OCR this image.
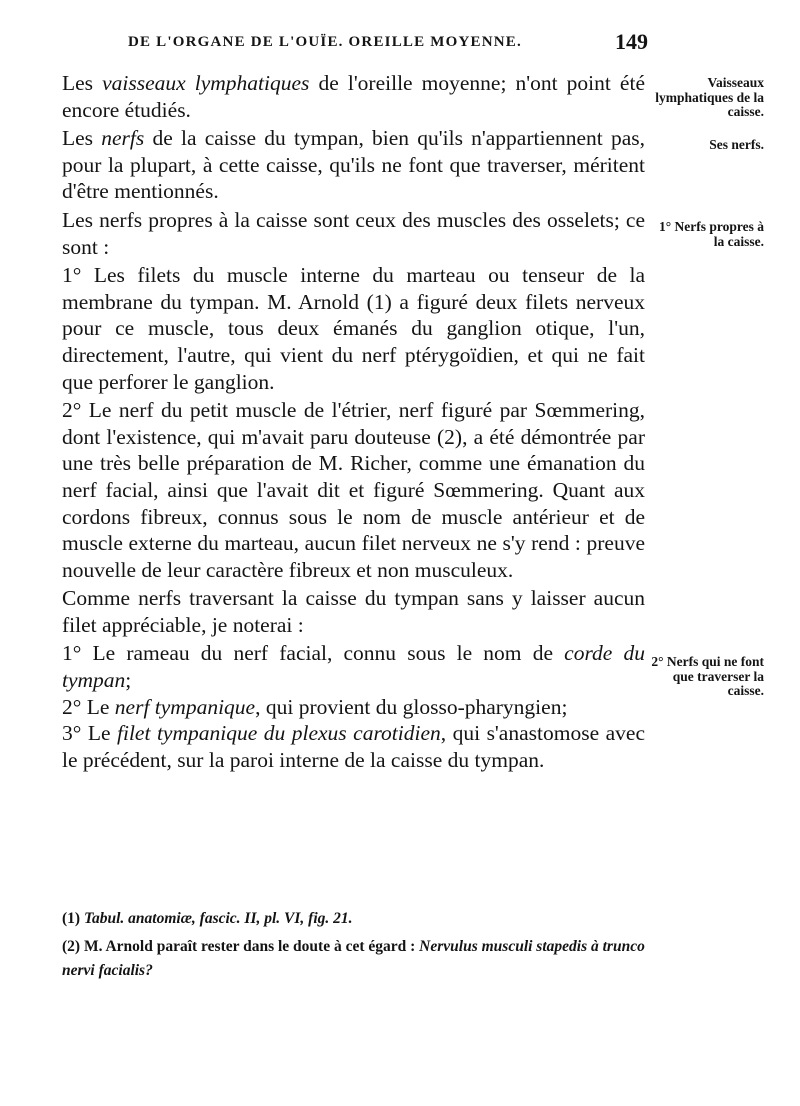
DE L'ORGANE DE L'OUÏE. OREILLE MOYENNE.	149

Les vaisseaux lymphatiques de l'oreille moyenne; n'ont point été encore étudiés.

Les nerfs de la caisse du tympan, bien qu'ils n'appartiennent pas, pour la plupart, à cette caisse, qu'ils ne font que traverser, méritent d'être mentionnés.

Les nerfs propres à la caisse sont ceux des muscles des osselets; ce sont :

1° Les filets du muscle interne du marteau ou tenseur de la membrane du tympan. M. Arnold (1) a figuré deux filets nerveux pour ce muscle, tous deux émanés du ganglion otique, l'un, directement, l'autre, qui vient du nerf ptérygoïdien, et qui ne fait que perforer le ganglion.

2° Le nerf du petit muscle de l'étrier, nerf figuré par Sœmmering, dont l'existence, qui m'avait paru douteuse (2), a été démontrée par une très belle préparation de M. Richer, comme une émanation du nerf facial, ainsi que l'avait dit et figuré Sœmmering. Quant aux cordons fibreux, connus sous le nom de muscle antérieur et de muscle externe du marteau, aucun filet nerveux ne s'y rend : preuve nouvelle de leur caractère fibreux et non musculeux.

Comme nerfs traversant la caisse du tympan sans y laisser aucun filet appréciable, je noterai :

1° Le rameau du nerf facial, connu sous le nom de corde du tympan;

2° Le nerf tympanique, qui provient du glosso-pharyngien;

3° Le filet tympanique du plexus carotidien, qui s'anastomose avec le précédent, sur la paroi interne de la caisse du tympan.

Vaisseaux lymphatiques de la caisse.
Ses nerfs.
1° Nerfs propres à la caisse.
2° Nerfs qui ne font que traverser la caisse.

(1) Tabul. anatomiæ, fascic. II, pl. VI, fig. 21.

(2) M. Arnold paraît rester dans le doute à cet égard : Nervulus musculi stapedis à trunco nervi facialis?
